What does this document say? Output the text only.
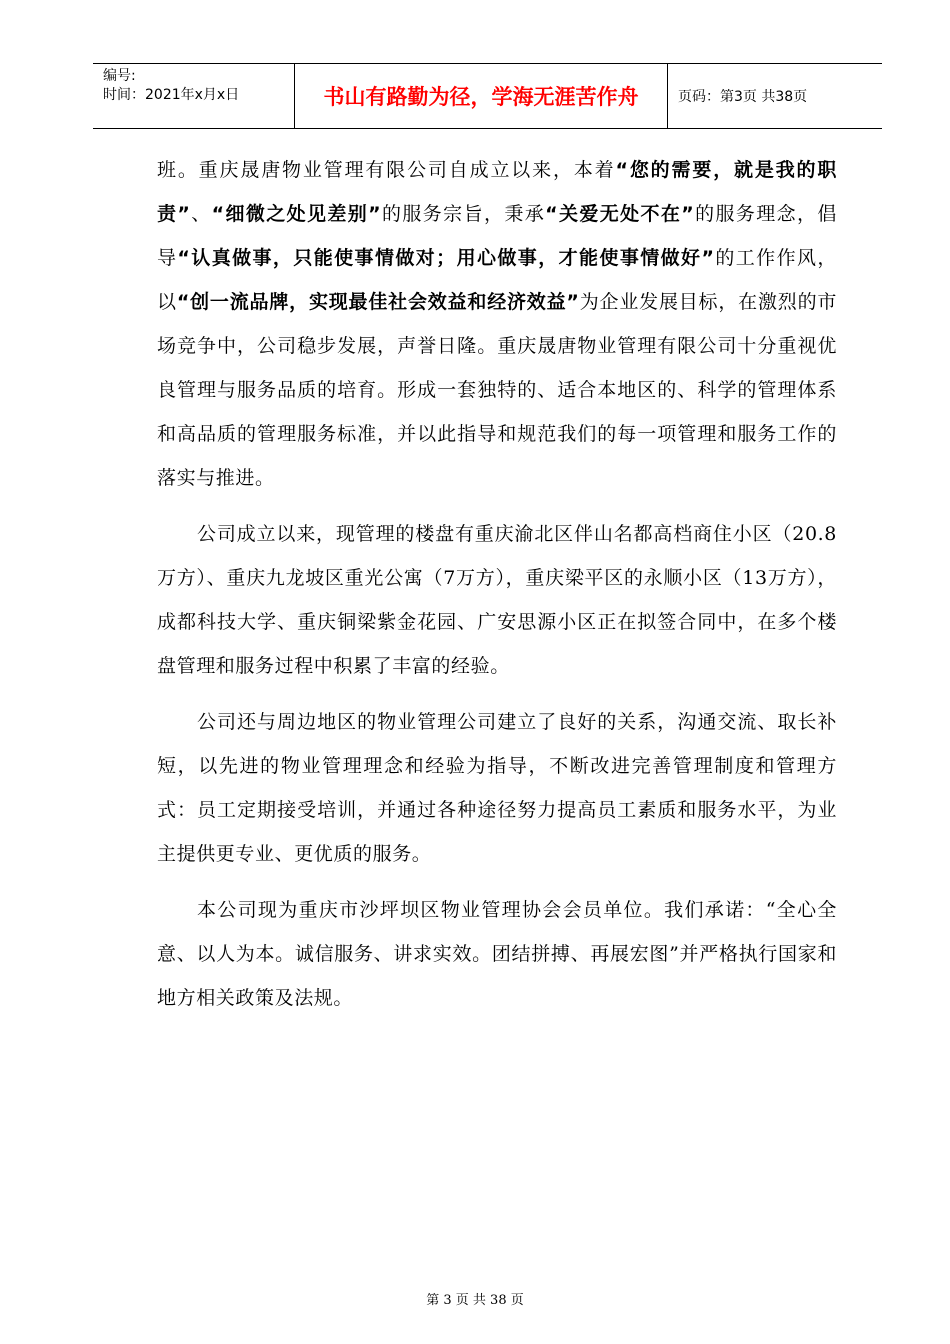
编号:
时间：2021年x月x日	书山有路勤为径，学海无涯苦作舟	页码：第3页 共38页

班。重庆晟唐物业管理有限公司自成立以来，本着“您的需要，就是我的职责”、“细微之处见差别”的服务宗旨，秉承“关爱无处不在”的服务理念，倡导“认真做事，只能使事情做对；用心做事，才能使事情做好”的工作作风，以“创一流品牌，实现最佳社会效益和经济效益”为企业发展目标，在激烈的市场竞争中，公司稳步发展，声誉日隆。重庆晟唐物业管理有限公司十分重视优良管理与服务品质的培育。形成一套独特的、适合本地区的、科学的管理体系和高品质的管理服务标准，并以此指导和规范我们的每一项管理和服务工作的落实与推进。

公司成立以来，现管理的楼盘有重庆渝北区伴山名都高档商住小区（20.8万方）、重庆九龙坡区重光公寓（7万方），重庆梁平区的永顺小区（13万方），成都科技大学、重庆铜梁紫金花园、广安思源小区正在拟签合同中，在多个楼盘管理和服务过程中积累了丰富的经验。

公司还与周边地区的物业管理公司建立了良好的关系，沟通交流、取长补短，以先进的物业管理理念和经验为指导，不断改进完善管理制度和管理方式：员工定期接受培训，并通过各种途径努力提高员工素质和服务水平，为业主提供更专业、更优质的服务。

本公司现为重庆市沙坪坝区物业管理协会会员单位。我们承诺：“全心全意、以人为本。诚信服务、讲求实效。团结拼搏、再展宏图”并严格执行国家和地方相关政策及法规。

第 3 页 共 38 页
